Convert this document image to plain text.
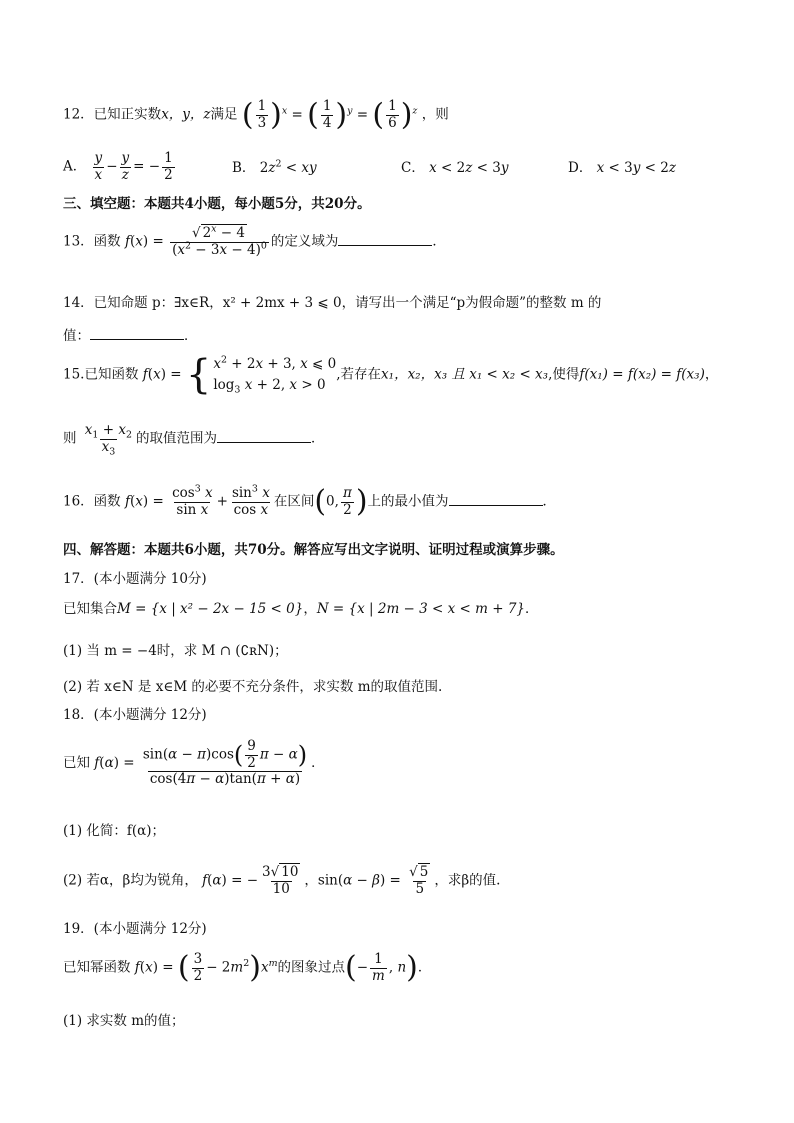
12．已知正实数x，y，z满足 ( $\frac{1}{3} )^x$ = ( $\frac{1}{4} )^y$ = ( $\frac{1}{6} )^z$ ，则
A． $\frac{y}{x} - \frac{y}{z}$ = − $\frac{1}{2}$	B． $2z^2$ < xy	C． x < 2z < 3y	D． x < 3y < 2z
三、填空题：本题共4小题，每小题5分，共20分。
13．函数 $f(x) = \frac{√ 2^x - 4}{(x^2 - 3x - 4)^0}$ 的定义域为	．
14．已知命题 p：∃x∈R，x² + 2mx + 3 ⩽ 0，请写出一个满足“p为假命题”的整数 m 的
值：	．
15.已知函数 f(x) = { $x^2 + 2x + 3$, x ⩽ 0
$\log_3 x + 2$, x > 0
,若存在x₁，x₂，x₃ 且 x₁ < x₂ < x₃,使得f(x₁) = f(x₂) = f(x₃)，
则 $\frac{x_1 + x_2}{x_3}$ 的取值范围为	．
16．函数 $f(x) = \frac{\cos^3 x}{\text{sin x}} + \frac{\sin^3 x}{\text{cos x}}$ 在区间(0, $\frac{\pi}{2}$ )上的最小值为	．
四、解答题：本题共6小题，共70分。解答应写出文字说明、证明过程或演算步骤。
17．(本小题满分 10分)
已知集合M = {x | x² − 2x − 15 < 0}，N = {x | 2m − 3 < x < m + 7}．
(1) 当 m = −4时，求 M ∩ (∁ʀN)；
(2) 若 x∈N 是 x∈M 的必要不充分条件，求实数 m的取值范围.
18．(本小题满分 12分)
已知 $f(\alpha) = \frac{\sin(\alpha - \pi)\cos( \frac{9}{2} \pi - \alpha)}{\cos(4\pi - \alpha)\tan(\pi + \alpha)}$ ．
(1) 化简：f(α)；
(2) 若α，β均为锐角， f(α) = − $\frac{3√ 10}{10}$ ，$\sin(\alpha - \beta) = \frac{√ 5}{5}$ ，求β的值.
19．(本小题满分 12分)
已知幂函数 f(x) = ( $\frac{3}{2} - 2m^2)x^m$的图象过点(− $\frac{1}{m}$ , n)．
(1) 求实数 m的值；
